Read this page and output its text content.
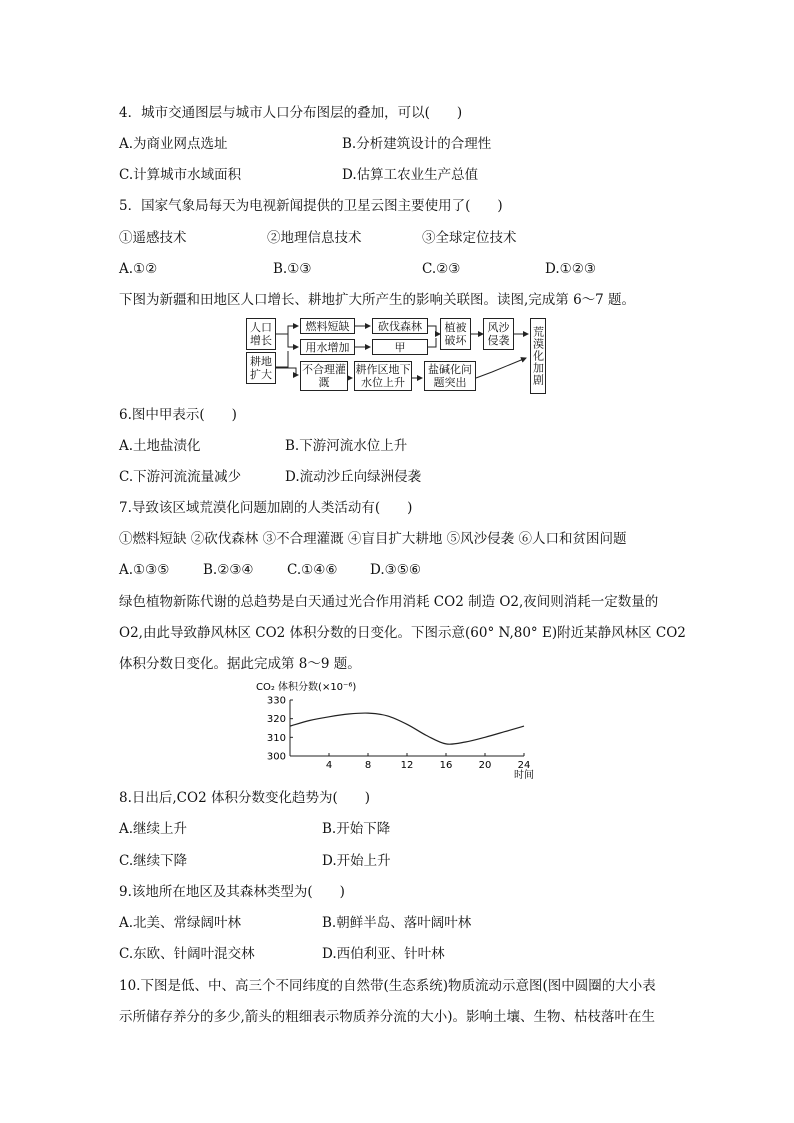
4．城市交通图层与城市人口分布图层的叠加，可以(　　)
A.为商业网点选址	B.分析建筑设计的合理性
C.计算城市水域面积	D.估算工农业生产总值
5．国家气象局每天为电视新闻提供的卫星云图主要使用了(　　)
①遥感技术	②地理信息技术	③全球定位技术
A.①②	B.①③	C.②③	D.①②③
下图为新疆和田地区人口增长、耕地扩大所产生的影响关联图。读图,完成第 6～7 题。
人口增长
耕地扩大
燃料短缺
用水增加
不合理灌溉
砍伐森林
甲
耕作区地下水位上升
盐碱化问题突出
植被破坏
风沙侵袭	荒漠化加剧
6.图中甲表示(　　)
A.土地盐渍化	B.下游河流水位上升
C.下游河流流量减少	D.流动沙丘向绿洲侵袭
7.导致该区域荒漠化问题加剧的人类活动有(　　)
①燃料短缺 ②砍伐森林 ③不合理灌溉 ④盲目扩大耕地 ⑤风沙侵袭 ⑥人口和贫困问题
A.①③⑤ B.②③④ C.①④⑥ D.③⑤⑥
绿色植物新陈代谢的总趋势是白天通过光合作用消耗 CO2 制造 O2,夜间则消耗一定数量的
O2,由此导致静风林区 CO2 体积分数的日变化。下图示意(60° N,80° E)附近某静风林区 CO2
体积分数日变化。据此完成第 8～9 题。
CO₂ 体积分数(×10⁻⁶)
330
320
310
300
4	8	12	16	20	24
时间
8.日出后,CO2 体积分数变化趋势为(　　)
A.继续上升	B.开始下降
C.继续下降	D.开始上升
9.该地所在地区及其森林类型为(　　)
A.北美、常绿阔叶林	B.朝鲜半岛、落叶阔叶林
C.东欧、针阔叶混交林	D.西伯利亚、针叶林
10.下图是低、中、高三个不同纬度的自然带(生态系统)物质流动示意图(图中圆圈的大小表
示所储存养分的多少,箭头的粗细表示物质养分流的大小)。影响土壤、生物、枯枝落叶在生
